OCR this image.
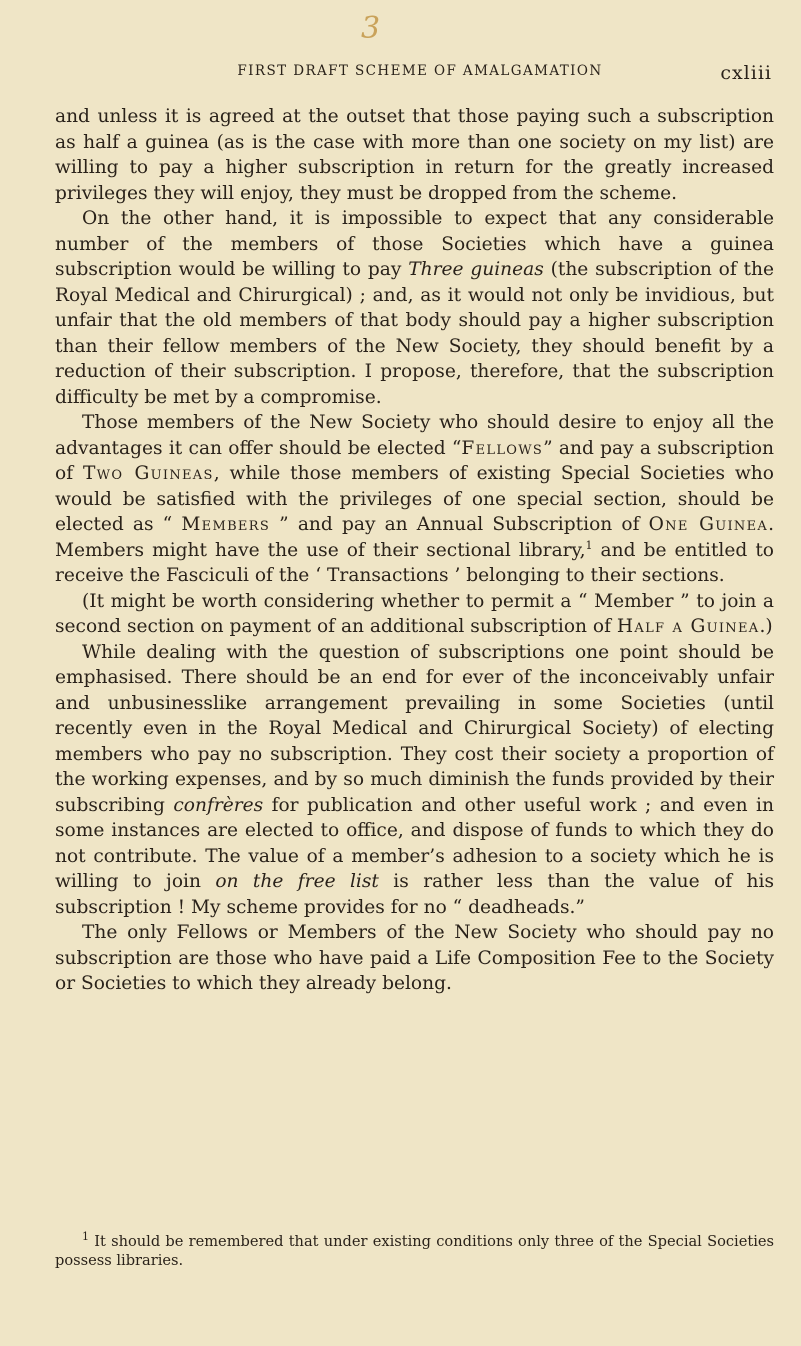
3
FIRST DRAFT SCHEME OF AMALGAMATION	cxliii

and unless it is agreed at the outset that those paying such a subscription as half a guinea (as is the case with more than one society on my list) are willing to pay a higher subscription in return for the greatly increased privileges they will enjoy, they must be dropped from the scheme.

On the other hand, it is impossible to expect that any considerable number of the members of those Societies which have a guinea subscription would be willing to pay Three guineas (the subscription of the Royal Medical and Chirurgical) ; and, as it would not only be invidious, but unfair that the old members of that body should pay a higher subscription than their fellow members of the New Society, they should benefit by a reduction of their subscription. I propose, therefore, that the subscription difficulty be met by a compromise.

Those members of the New Society who should desire to enjoy all the advantages it can offer should be elected “Fellows” and pay a subscription of Two Guineas, while those members of existing Special Societies who would be satisfied with the privileges of one special section, should be elected as “ Members ” and pay an Annual Subscription of One Guinea. Members might have the use of their sectional library,$^1$ and be entitled to receive the Fasciculi of the ‘ Transactions ’ belonging to their sections.

(It might be worth considering whether to permit a “ Member ” to join a second section on payment of an additional subscription of Half a Guinea.)

While dealing with the question of subscriptions one point should be emphasised. There should be an end for ever of the inconceivably unfair and unbusinesslike arrangement prevailing in some Societies (until recently even in the Royal Medical and Chirurgical Society) of electing members who pay no subscription. They cost their society a proportion of the working expenses, and by so much diminish the funds provided by their subscribing confrères for publication and other useful work ; and even in some instances are elected to office, and dispose of funds to which they do not contribute. The value of a member’s adhesion to a society which he is willing to join on the free list is rather less than the value of his subscription ! My scheme provides for no “ deadheads.”

The only Fellows or Members of the New Society who should pay no subscription are those who have paid a Life Composition Fee to the Society or Societies to which they already belong.

$^1$ It should be remembered that under existing conditions only three of the Special Societies possess libraries.
